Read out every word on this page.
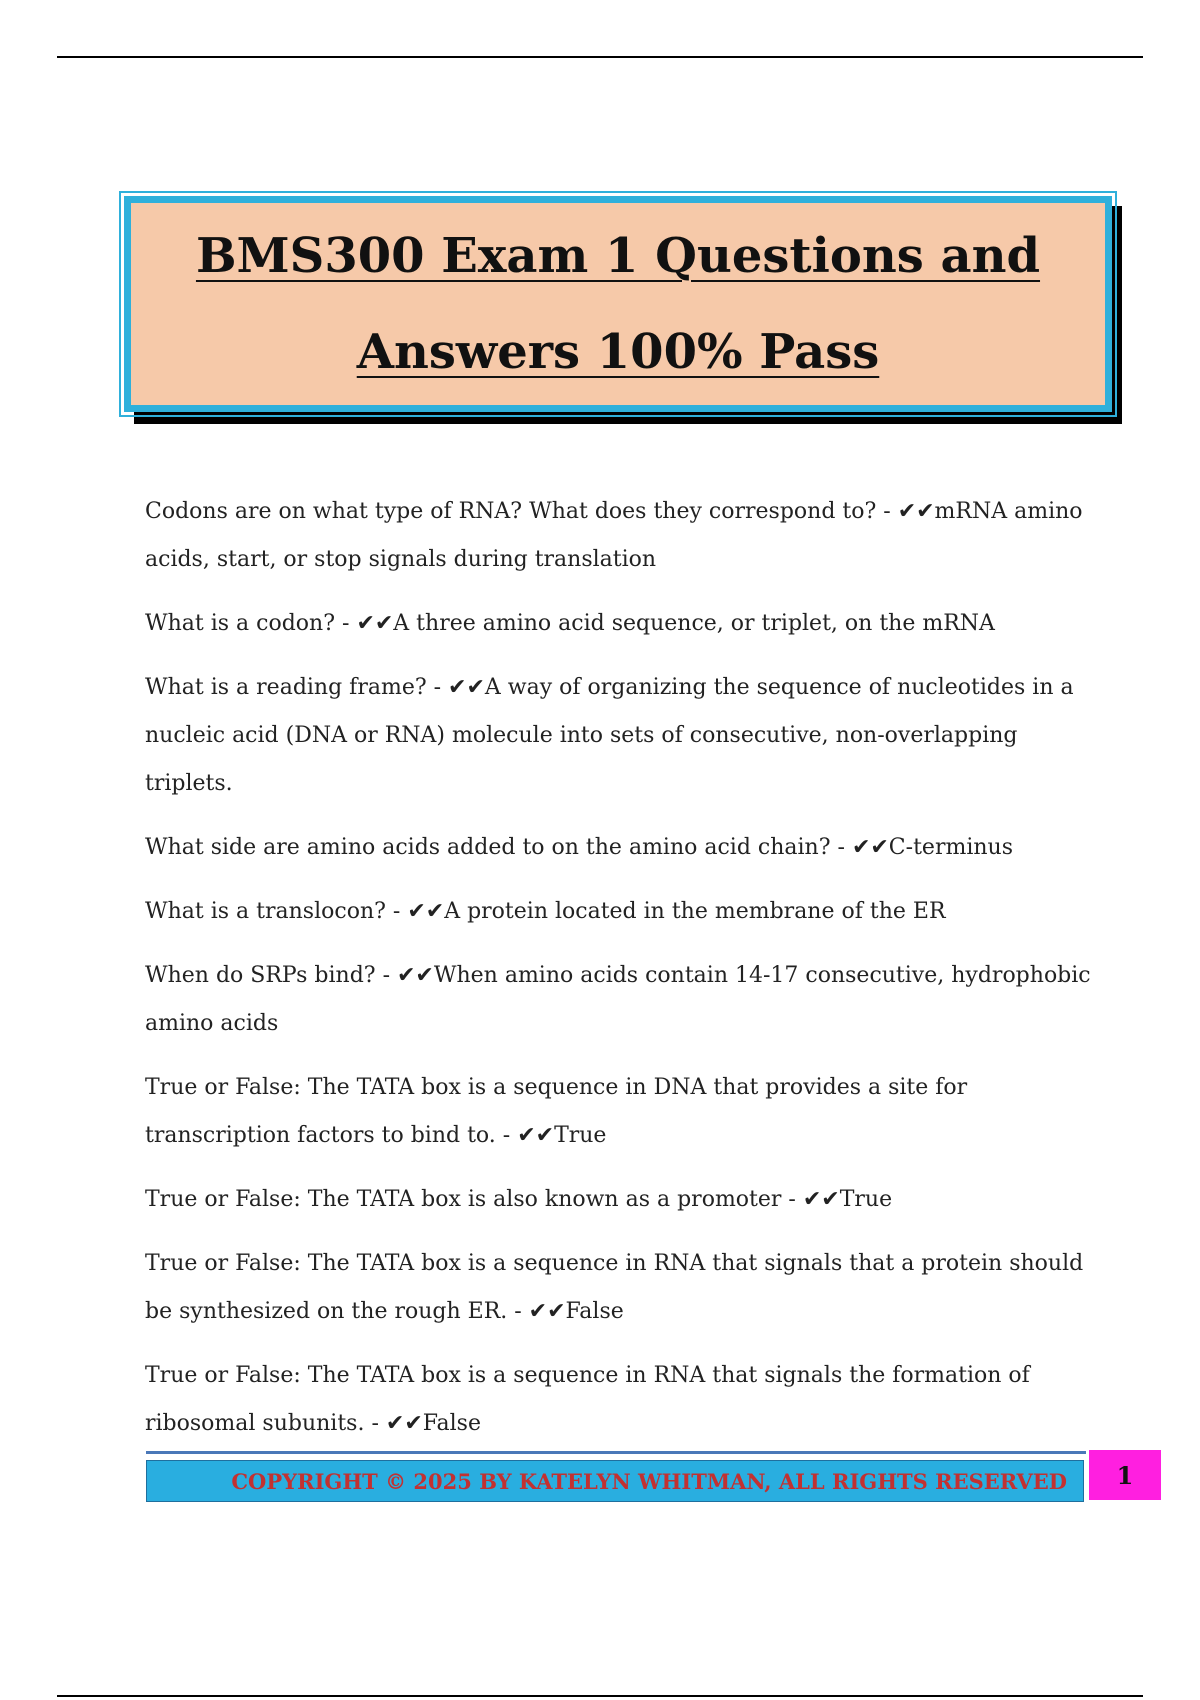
BMS300 Exam 1 Questions and
Answers 100% Pass

Codons are on what type of RNA? What does they correspond to? - ✔✔mRNA amino acids, start, or stop signals during translation

What is a codon? - ✔✔A three amino acid sequence, or triplet, on the mRNA

What is a reading frame? - ✔✔A way of organizing the sequence of nucleotides in a nucleic acid (DNA or RNA) molecule into sets of consecutive, non-overlapping triplets.

What side are amino acids added to on the amino acid chain? - ✔✔C-terminus

What is a translocon? - ✔✔A protein located in the membrane of the ER

When do SRPs bind? - ✔✔When amino acids contain 14-17 consecutive, hydrophobic amino acids

True or False: The TATA box is a sequence in DNA that provides a site for transcription factors to bind to. - ✔✔True

True or False: The TATA box is also known as a promoter - ✔✔True

True or False: The TATA box is a sequence in RNA that signals that a protein should be synthesized on the rough ER. - ✔✔False

True or False: The TATA box is a sequence in RNA that signals the formation of ribosomal subunits. - ✔✔False

COPYRIGHT © 2025 BY KATELYN WHITMAN, ALL RIGHTS RESERVED 1
